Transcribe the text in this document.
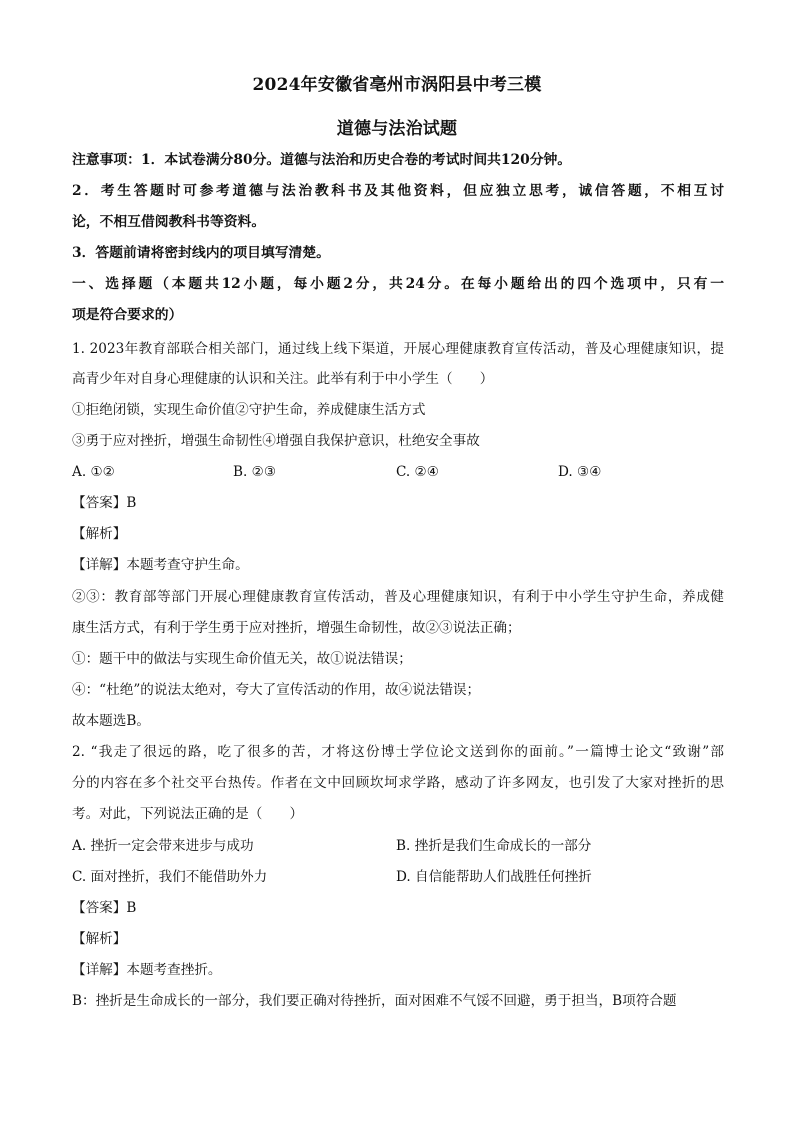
2024年安徽省亳州市涡阳县中考三模
道德与法治试题
注意事项：1．本试卷满分80分。道德与法治和历史合卷的考试时间共120分钟。
2．考生答题时可参考道德与法治教科书及其他资料，但应独立思考，诚信答题，不相互讨
论，不相互借阅教科书等资料。
3．答题前请将密封线内的项目填写清楚。
一、选择题（本题共12小题，每小题2分，共24分。在每小题给出的四个选项中，只有一
项是符合要求的）
1. 2023年教育部联合相关部门，通过线上线下渠道，开展心理健康教育宣传活动，普及心理健康知识，提
高青少年对自身心理健康的认识和关注。此举有利于中小学生（　　）
①拒绝闭锁，实现生命价值②守护生命，养成健康生活方式
③勇于应对挫折，增强生命韧性④增强自我保护意识，杜绝安全事故
A. ①②	B. ②③	C. ②④	D. ③④
【答案】B
【解析】
【详解】本题考查守护生命。
②③：教育部等部门开展心理健康教育宣传活动，普及心理健康知识，有利于中小学生守护生命，养成健
康生活方式，有利于学生勇于应对挫折，增强生命韧性，故②③说法正确；
①：题干中的做法与实现生命价值无关，故①说法错误；
④：“杜绝”的说法太绝对，夸大了宣传活动的作用，故④说法错误；
故本题选B。
2. “我走了很远的路，吃了很多的苦，才将这份博士学位论文送到你的面前。”一篇博士论文“致谢”部
分的内容在多个社交平台热传。作者在文中回顾坎坷求学路，感动了许多网友，也引发了大家对挫折的思
考。对此，下列说法正确的是（　　）
A. 挫折一定会带来进步与成功	B. 挫折是我们生命成长的一部分
C. 面对挫折，我们不能借助外力	D. 自信能帮助人们战胜任何挫折
【答案】B
【解析】
【详解】本题考查挫折。
B：挫折是生命成长的一部分，我们要正确对待挫折，面对困难不气馁不回避，勇于担当，B项符合题
